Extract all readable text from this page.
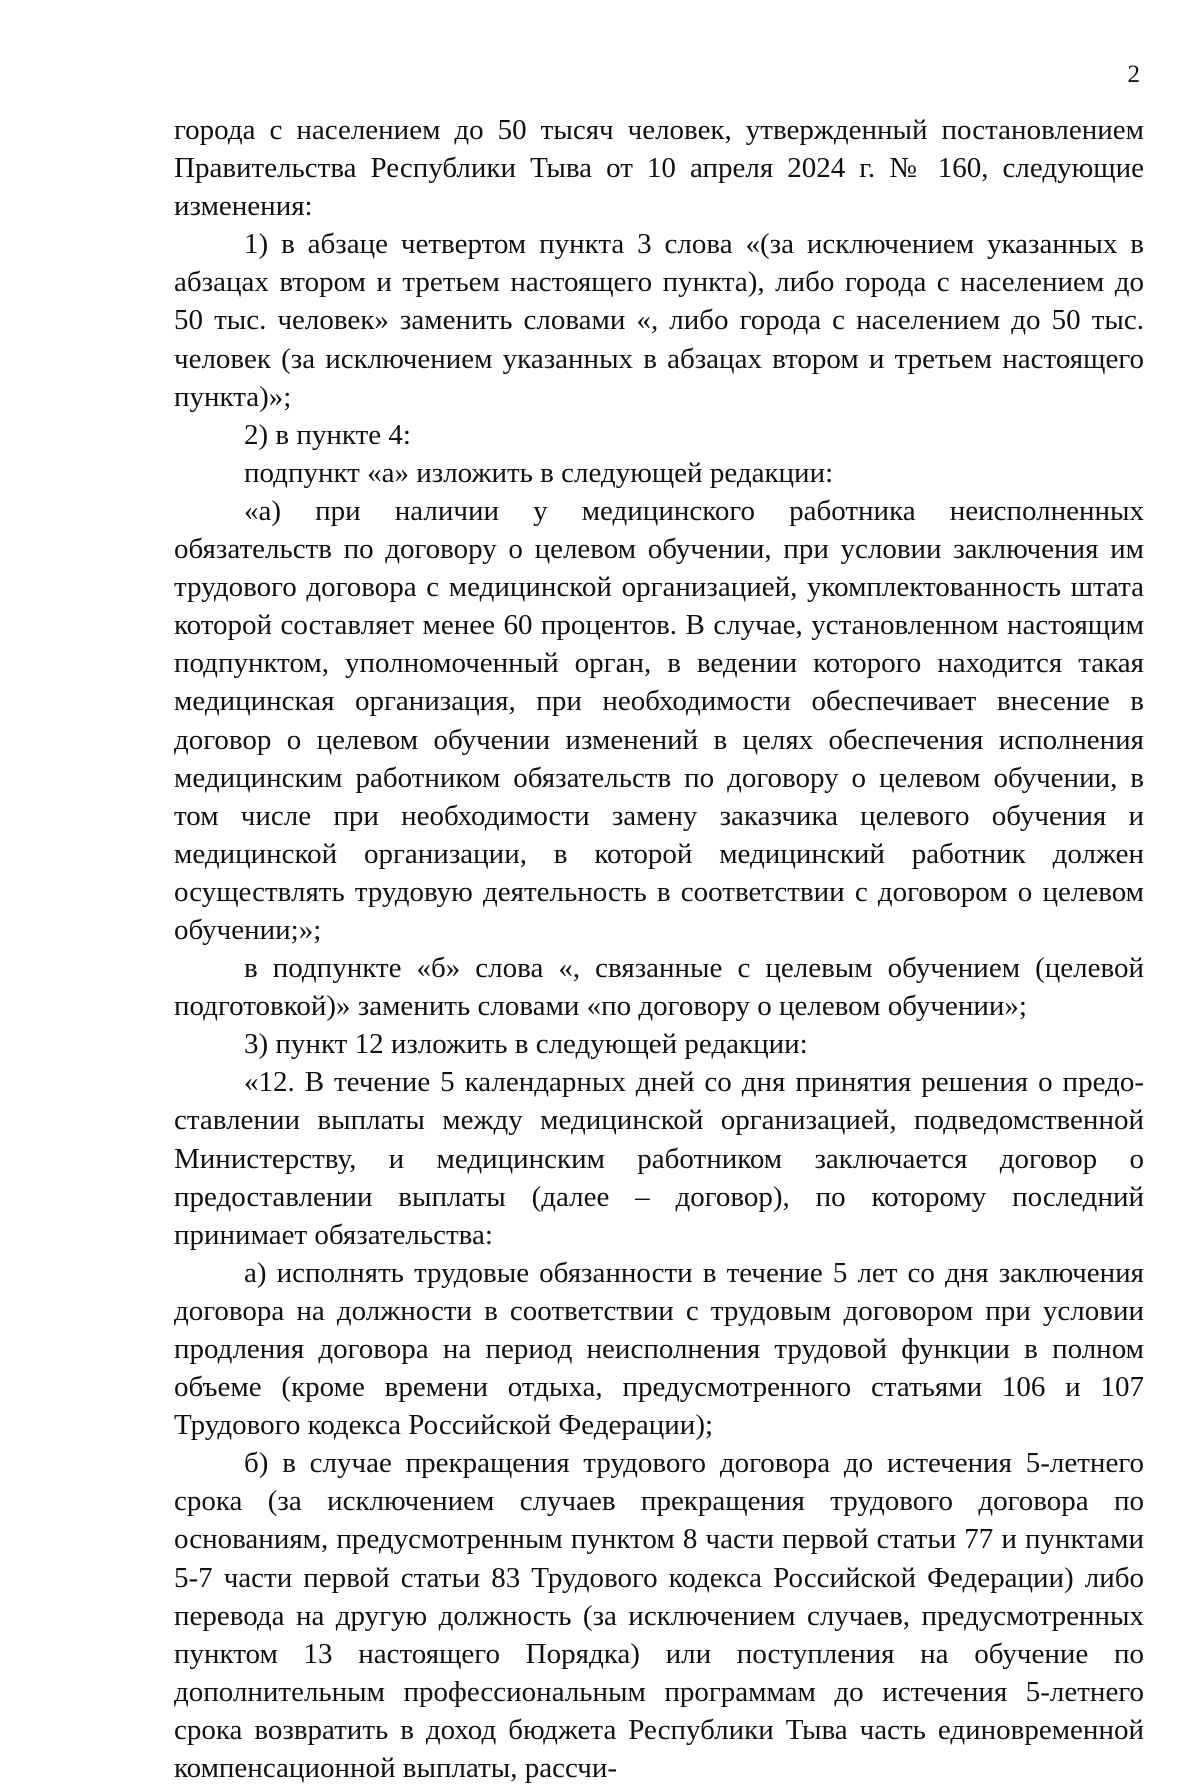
2

города с населением до 50 тысяч человек, утвержденный постановлением Правительства Республики Тыва от 10 апреля 2024 г. № 160, следующие изменения:

1) в абзаце четвертом пункта 3 слова «(за исключением указанных в абзацах втором и третьем настоящего пункта), либо города с населением до 50 тыс. человек» заменить словами «, либо города с населением до 50 тыс. человек (за исключением указанных в абзацах втором и третьем настоящего пункта)»;

2) в пункте 4:

подпункт «а» изложить в следующей редакции:

«а) при наличии у медицинского работника неисполненных обязательств по договору о целевом обучении, при условии заключения им трудового договора с медицинской организацией, укомплектованность штата которой составляет менее 60 процентов. В случае, установленном настоящим подпунктом, уполномоченный орган, в ведении которого находится такая медицинская организация, при необходимости обеспечивает внесение в договор о целевом обучении изменений в целях обеспечения исполнения медицинским работником обязательств по договору о целевом обучении, в том числе при необходимости замену заказчика целевого обучения и медицинской организации, в которой медицинский работник должен осуществлять трудовую деятельность в соответствии с договором о целевом обучении;»;

в подпункте «б» слова «, связанные с целевым обучением (целевой подготовкой)» заменить словами «по договору о целевом обучении»;

3) пункт 12 изложить в следующей редакции:

«12. В течение 5 календарных дней со дня принятия решения о предоставлении выплаты между медицинской организацией, подведомственной Министерству, и медицинским работником заключается договор о предоставлении выплаты (далее – договор), по которому последний принимает обязательства:

а) исполнять трудовые обязанности в течение 5 лет со дня заключения договора на должности в соответствии с трудовым договором при условии продления договора на период неисполнения трудовой функции в полном объеме (кроме времени отдыха, предусмотренного статьями 106 и 107 Трудового кодекса Российской Федерации);

б) в случае прекращения трудового договора до истечения 5-летнего срока (за исключением случаев прекращения трудового договора по основаниям, предусмотренным пунктом 8 части первой статьи 77 и пунктами 5-7 части первой статьи 83 Трудового кодекса Российской Федерации) либо перевода на другую должность (за исключением случаев, предусмотренных пунктом 13 настоящего Порядка) или поступления на обучение по дополнительным профессиональным программам до истечения 5-летнего срока возвратить в доход бюджета Республики Тыва часть единовременной компенсационной выплаты, рассчи-
